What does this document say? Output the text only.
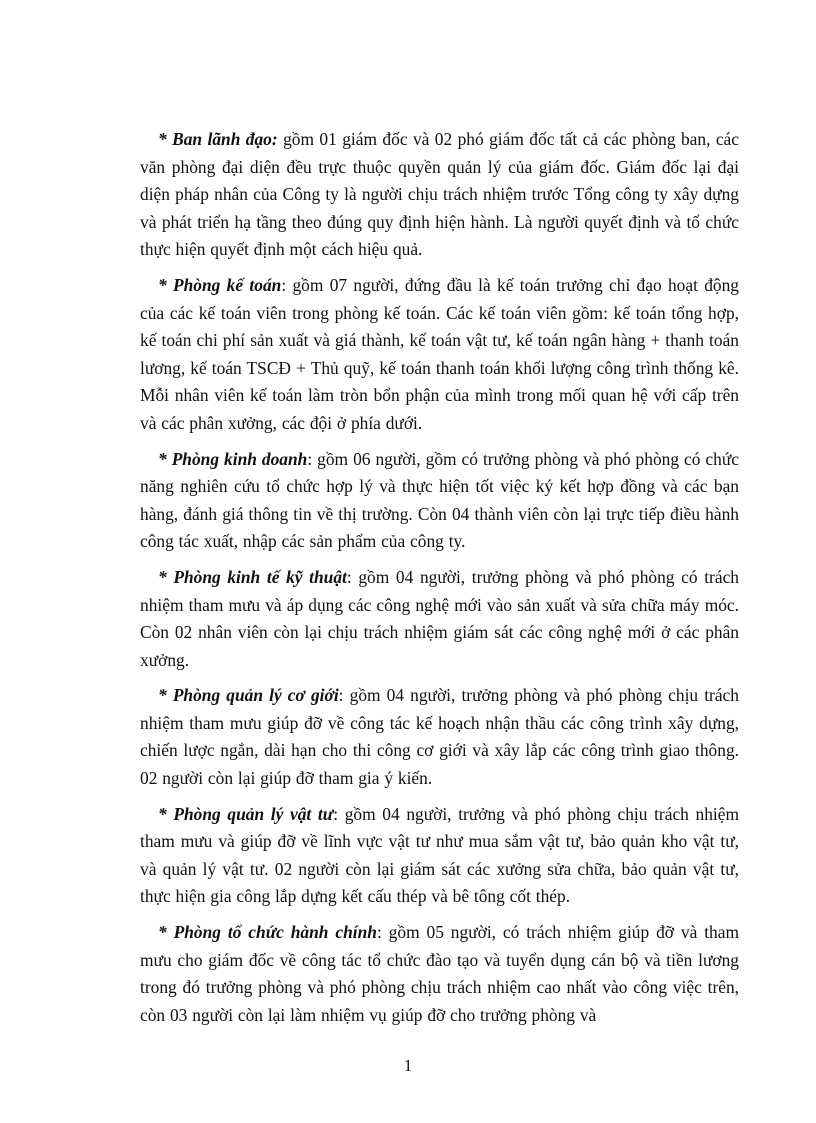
* Ban lãnh đạo: gồm 01 giám đốc và 02 phó giám đốc tất cả các phòng ban, các văn phòng đại diện đều trực thuộc quyền quản lý của giám đốc. Giám đốc lại đại diện pháp nhân của Công ty là người chịu trách nhiệm trước Tổng công ty xây dựng và phát triển hạ tầng theo đúng quy định hiện hành. Là người quyết định và tổ chức thực hiện quyết định một cách hiệu quả.

* Phòng kế toán: gồm 07 người, đứng đầu là kế toán trưởng chỉ đạo hoạt động của các kế toán viên trong phòng kế toán. Các kế toán viên gồm: kế toán tổng hợp, kế toán chi phí sản xuất và giá thành, kế toán vật tư, kế toán ngân hàng + thanh toán lương, kế toán TSCĐ + Thủ quỹ, kế toán thanh toán khối lượng công trình thống kê. Mỗi nhân viên kế toán làm tròn bổn phận của mình trong mối quan hệ với cấp trên và các phân xưởng, các đội ở phía dưới.

* Phòng kinh doanh: gồm 06 người, gồm có trưởng phòng và phó phòng có chức năng nghiên cứu tổ chức hợp lý và thực hiện tốt việc ký kết hợp đồng và các bạn hàng, đánh giá thông tin về thị trường. Còn 04 thành viên còn lại trực tiếp điều hành công tác xuất, nhập các sản phẩm của công ty.

* Phòng kinh tế kỹ thuật: gồm 04 người, trưởng phòng và phó phòng có trách nhiệm tham mưu và áp dụng các công nghệ mới vào sản xuất và sửa chữa máy móc. Còn 02 nhân viên còn lại chịu trách nhiệm giám sát các công nghệ mới ở các phân xưởng.

* Phòng quản lý cơ giới: gồm 04 người, trưởng phòng và phó phòng chịu trách nhiệm tham mưu giúp đỡ về công tác kế hoạch nhận thầu các công trình xây dựng, chiến lược ngắn, dài hạn cho thi công cơ giới và xây lắp các công trình giao thông. 02 người còn lại giúp đỡ tham gia ý kiến.

* Phòng quản lý vật tư: gồm 04 người, trưởng và phó phòng chịu trách nhiệm tham mưu và giúp đỡ về lĩnh vực vật tư như mua sắm vật tư, bảo quản kho vật tư, và quản lý vật tư. 02 người còn lại giám sát các xưởng sửa chữa, bảo quản vật tư, thực hiện gia công lắp dựng kết cấu thép và bê tông cốt thép.

* Phòng tổ chức hành chính: gồm 05 người, có trách nhiệm giúp đỡ và tham mưu cho giám đốc về công tác tổ chức đào tạo và tuyển dụng cán bộ và tiền lương trong đó trưởng phòng và phó phòng chịu trách nhiệm cao nhất vào công việc trên, còn 03 người còn lại làm nhiệm vụ giúp đỡ cho trưởng phòng và

1
